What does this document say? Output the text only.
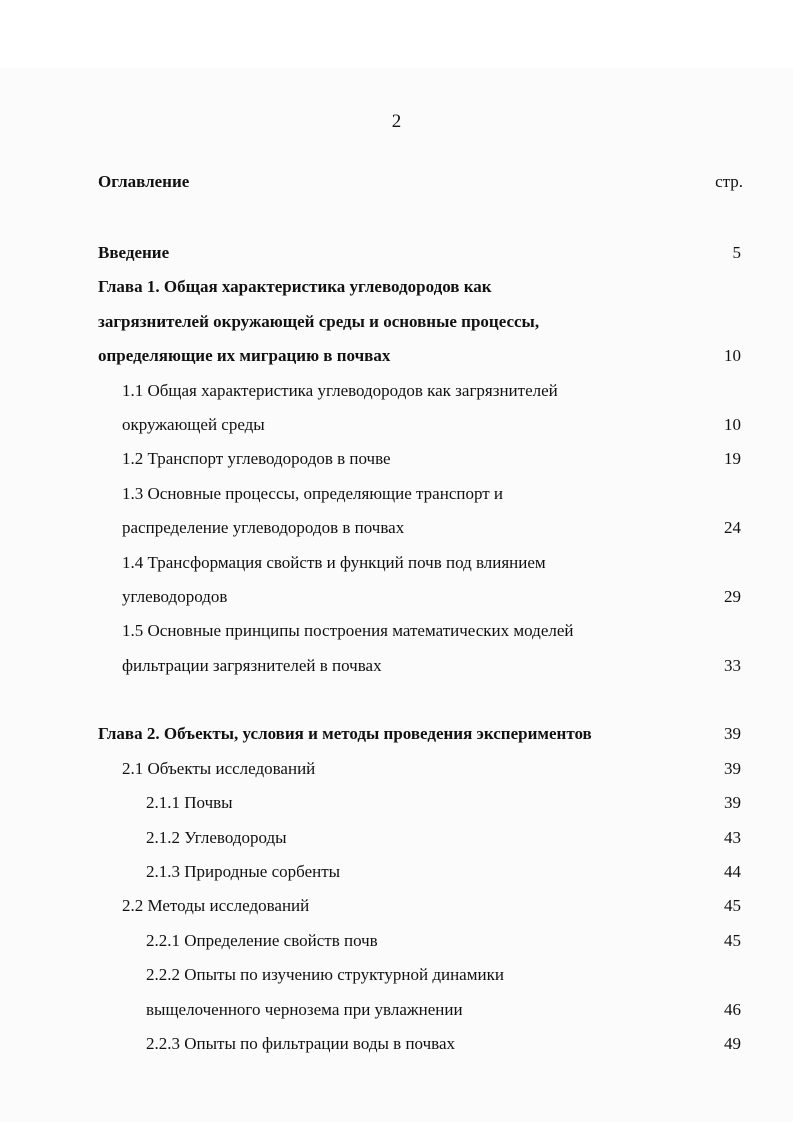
2
Оглавление	стр.
Введение	5
Глава 1. Общая характеристика углеводородов как
загрязнителей окружающей среды и основные процессы,
определяющие их миграцию в почвах	10
1.1 Общая характеристика углеводородов как загрязнителей
окружающей среды	10
1.2 Транспорт углеводородов в почве	19
1.3 Основные процессы, определяющие транспорт и
распределение углеводородов в почвах	24
1.4 Трансформация свойств и функций почв под влиянием
углеводородов	29
1.5 Основные принципы построения математических моделей
фильтрации загрязнителей в почвах	33
Глава 2. Объекты, условия и методы проведения экспериментов	39
2.1 Объекты исследований	39
2.1.1 Почвы	39
2.1.2 Углеводороды	43
2.1.3 Природные сорбенты	44
2.2 Методы исследований	45
2.2.1 Определение свойств почв	45
2.2.2 Опыты по изучению структурной динамики
выщелоченного чернозема при увлажнении	46
2.2.3 Опыты по фильтрации воды в почвах	49
